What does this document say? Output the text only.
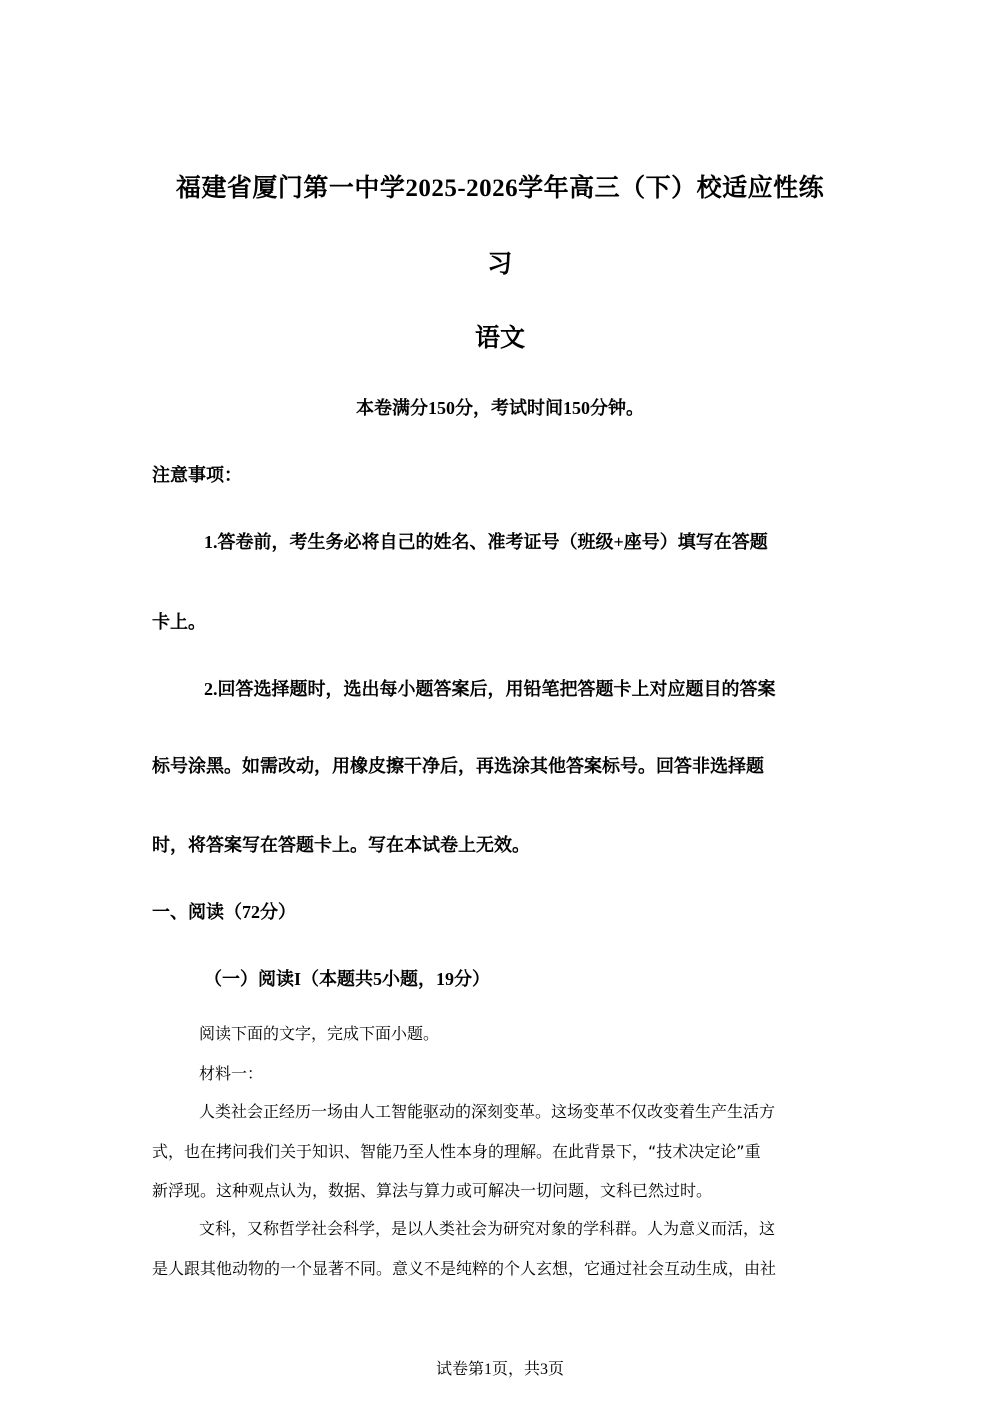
福建省厦门第一中学2025-2026学年高三（下）校适应性练
习
语文
本卷满分150分，考试时间150分钟。
注意事项：
1.答卷前，考生务必将自己的姓名、准考证号（班级+座号）填写在答题
卡上。
2.回答选择题时，选出每小题答案后，用铅笔把答题卡上对应题目的答案
标号涂黑。如需改动，用橡皮擦干净后，再选涂其他答案标号。回答非选择题
时，将答案写在答题卡上。写在本试卷上无效。
一、阅读（72分）
（一）阅读I（本题共5小题，19分）
阅读下面的文字，完成下面小题。
材料一：
人类社会正经历一场由人工智能驱动的深刻变革。这场变革不仅改变着生产生活方
式，也在拷问我们关于知识、智能乃至人性本身的理解。在此背景下，“技术决定论”重
新浮现。这种观点认为，数据、算法与算力或可解决一切问题，文科已然过时。
文科，又称哲学社会科学，是以人类社会为研究对象的学科群。人为意义而活，这
是人跟其他动物的一个显著不同。意义不是纯粹的个人玄想，它通过社会互动生成，由社
试卷第1页，共3页
